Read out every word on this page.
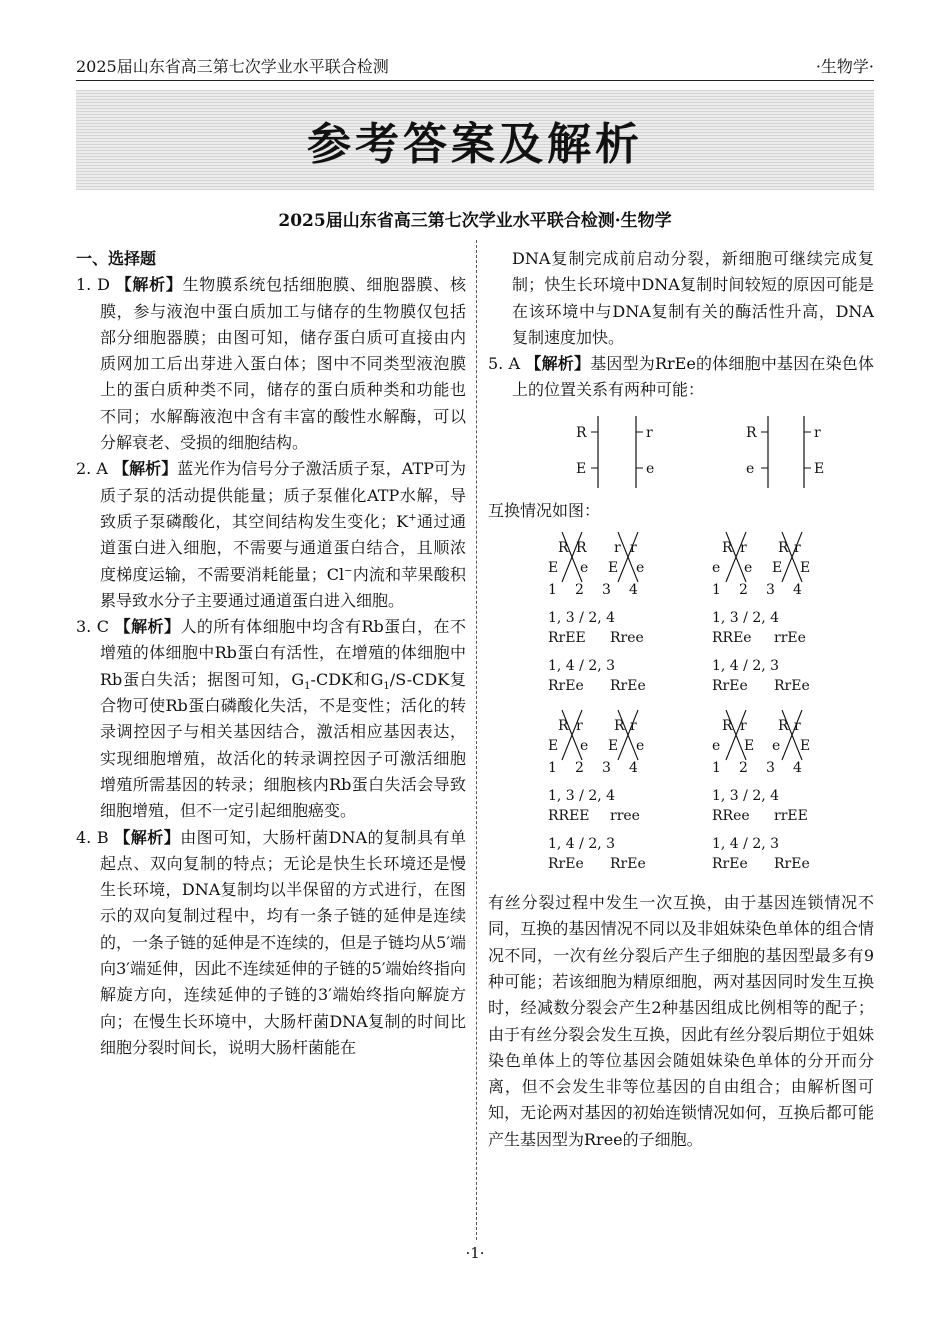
2025届山东省高三第七次学业水平联合检测	·生物学·
参考答案及解析
2025届山东省高三第七次学业水平联合检测·生物学

一、选择题

1. D 【解析】生物膜系统包括细胞膜、细胞器膜、核膜，参与液泡中蛋白质加工与储存的生物膜仅包括部分细胞器膜；由图可知，储存蛋白质可直接由内质网加工后出芽进入蛋白体；图中不同类型液泡膜上的蛋白质种类不同，储存的蛋白质种类和功能也不同；水解酶液泡中含有丰富的酸性水解酶，可以分解衰老、受损的细胞结构。

2. A 【解析】蓝光作为信号分子激活质子泵，ATP可为质子泵的活动提供能量；质子泵催化ATP水解，导致质子泵磷酸化，其空间结构发生变化；K+通过通道蛋白进入细胞，不需要与通道蛋白结合，且顺浓度梯度运输，不需要消耗能量；Cl−内流和苹果酸积累导致水分子主要通过通道蛋白进入细胞。

3. C 【解析】人的所有体细胞中均含有Rb蛋白，在不增殖的体细胞中Rb蛋白有活性，在增殖的体细胞中Rb蛋白失活；据图可知，$G_1$-CDK和$G_1/S$-CDK复合物可使Rb蛋白磷酸化失活，不是变性；活化的转录调控因子与相关基因结合，激活相应基因表达，实现细胞增殖，故活化的转录调控因子可激活细胞增殖所需基因的转录；细胞核内Rb蛋白失活会导致细胞增殖，但不一定引起细胞癌变。

4. B 【解析】由图可知，大肠杆菌DNA的复制具有单起点、双向复制的特点；无论是快生长环境还是慢生长环境，DNA复制均以半保留的方式进行，在图示的双向复制过程中，均有一条子链的延伸是连续的，一条子链的延伸是不连续的，但是子链均从5′端向3′端延伸，因此不连续延伸的子链的5′端始终指向解旋方向，连续延伸的子链的3′端始终指向解旋方向；在慢生长环境中，大肠杆菌DNA复制的时间比细胞分裂时间长，说明大肠杆菌能在

DNA复制完成前启动分裂，新细胞可继续完成复制；快生长环境中DNA复制时间较短的原因可能是在该环境中与DNA复制有关的酶活性升高，DNA复制速度加快。

5. A 【解析】基因型为RrEe的体细胞中基因在染色体上的位置关系有两种可能：

R
E
r
e
R
e
r
E

互换情况如图：

R
E
1
R
e
2
r
E
3
r
e
4
1, 3 / 2, 4
RrEE Rree
1, 4 / 2, 3
RrEe RrEe
R
e
1
r
e
2
R
E
3
r
E
4
1, 3 / 2, 4
RREe rrEe
1, 4 / 2, 3
RrEe RrEe
R
E
1
r
e
2
R
E
3
r
e
4
1, 3 / 2, 4
RREE rree
1, 4 / 2, 3
RrEe RrEe
R
e
1
r
E
2
R
e
3
r
E
4
1, 3 / 2, 4
RRee rrEE
1, 4 / 2, 3
RrEe RrEe

有丝分裂过程中发生一次互换，由于基因连锁情况不同，互换的基因情况不同以及非姐妹染色单体的组合情况不同，一次有丝分裂后产生子细胞的基因型最多有9种可能；若该细胞为精原细胞，两对基因同时发生互换时，经减数分裂会产生2种基因组成比例相等的配子；由于有丝分裂会发生互换，因此有丝分裂后期位于姐妹染色单体上的等位基因会随姐妹染色单体的分开而分离，但不会发生非等位基因的自由组合；由解析图可知，无论两对基因的初始连锁情况如何，互换后都可能产生基因型为Rree的子细胞。

·1·
